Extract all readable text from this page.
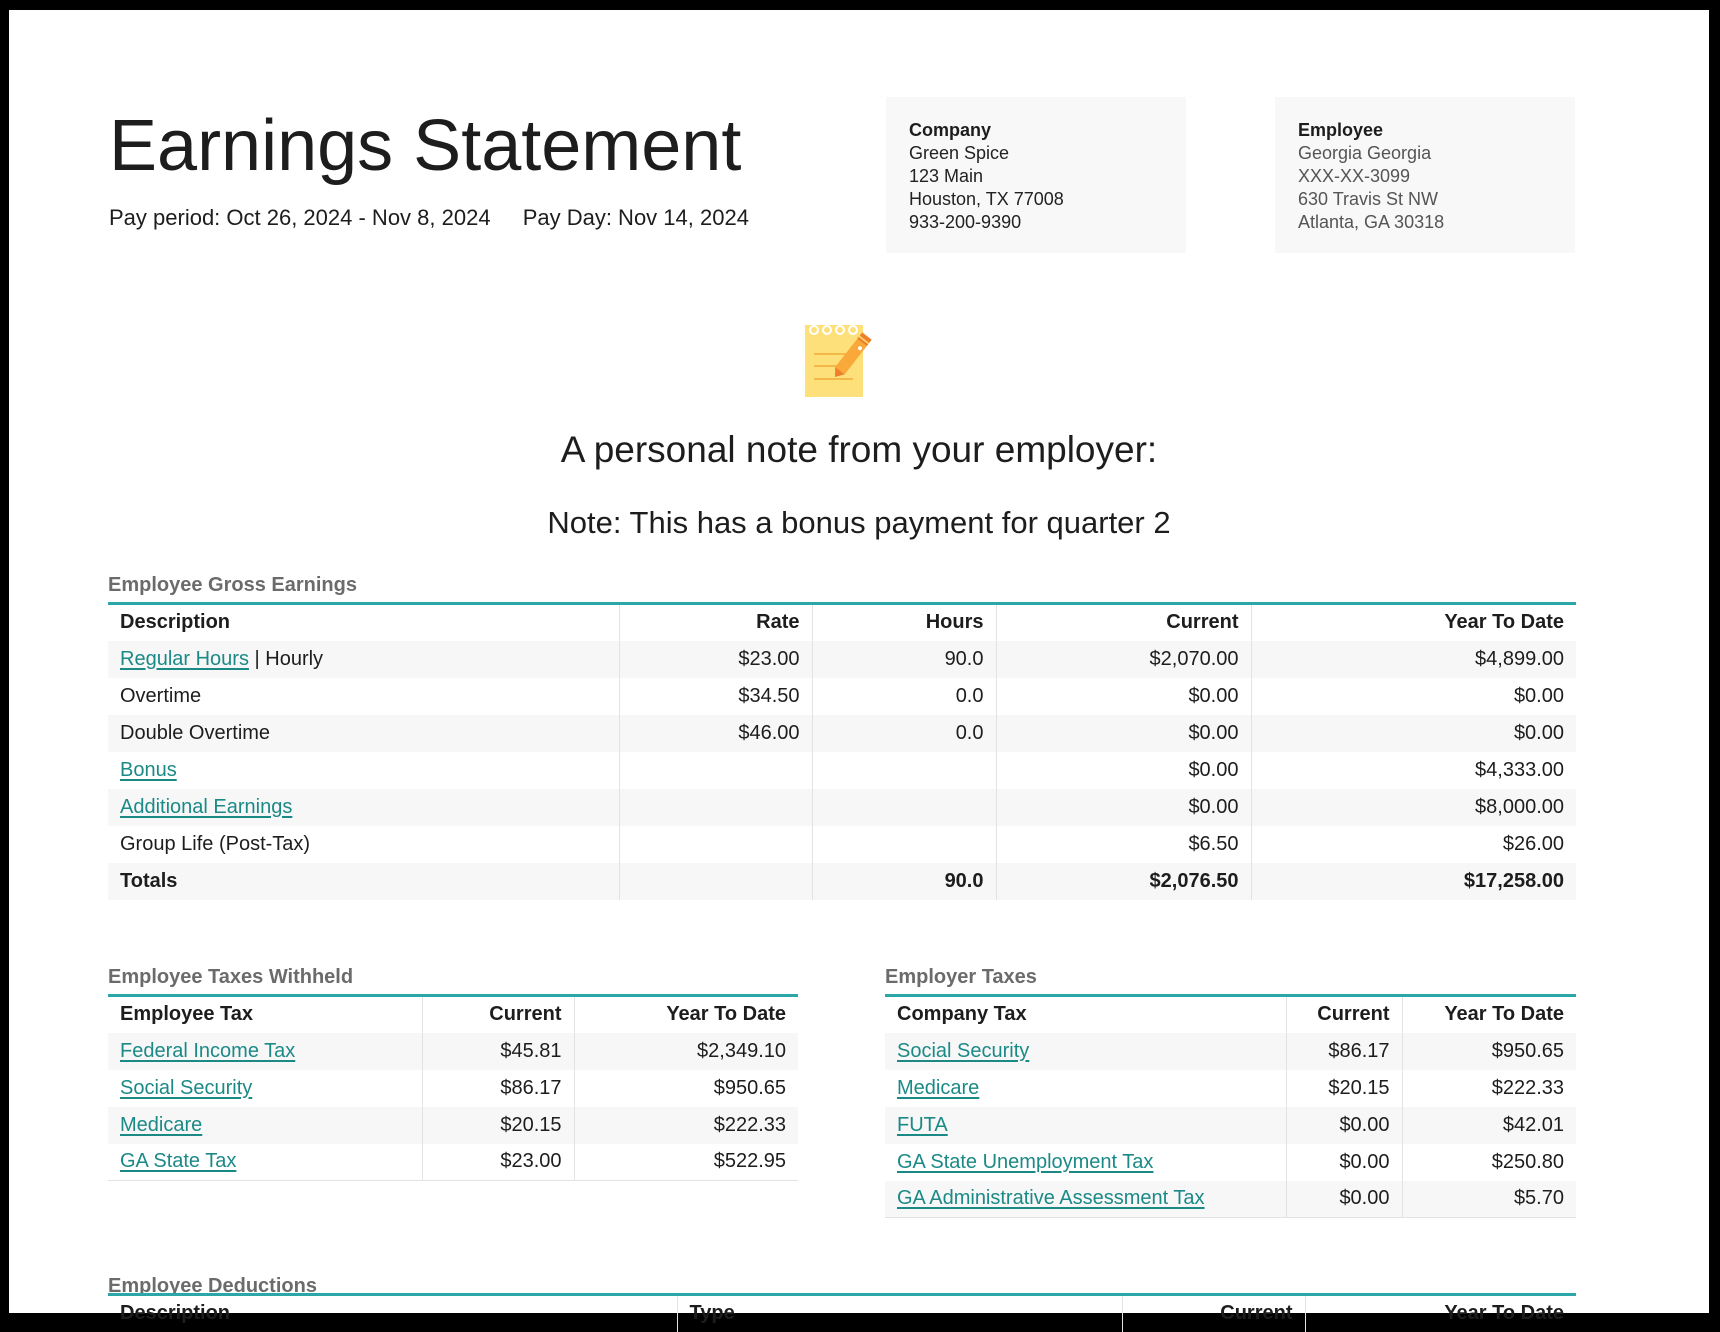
Earnings Statement
Pay period: Oct 26, 2024 - Nov 8, 2024 Pay Day: Nov 14, 2024
Company
Green Spice
123 Main
Houston, TX 77008
933-200-9390
Employee
Georgia Georgia
XXX-XX-3099
630 Travis St NW
Atlanta, GA 30318
A personal note from your employer:
Note: This has a bonus payment for quarter 2
Employee Gross Earnings
Description	Rate	Hours	Current	Year To Date
Regular Hours | Hourly	$23.00	90.0	$2,070.00	$4,899.00
Overtime	$34.50	0.0	$0.00	$0.00
Double Overtime	$46.00	0.0	$0.00	$0.00
Bonus			$0.00	$4,333.00
Additional Earnings			$0.00	$8,000.00
Group Life (Post-Tax)			$6.50	$26.00
Totals		90.0	$2,076.50	$17,258.00
Employee Taxes Withheld
Employee Tax	Current	Year To Date
Federal Income Tax	$45.81	$2,349.10
Social Security	$86.17	$950.65
Medicare	$20.15	$222.33
GA State Tax	$23.00	$522.95
Employer Taxes
Company Tax	Current	Year To Date
Social Security	$86.17	$950.65
Medicare	$20.15	$222.33
FUTA	$0.00	$42.01
GA State Unemployment Tax	$0.00	$250.80
GA Administrative Assessment Tax	$0.00	$5.70
Employee Deductions
Description	Type	Current	Year To Date
